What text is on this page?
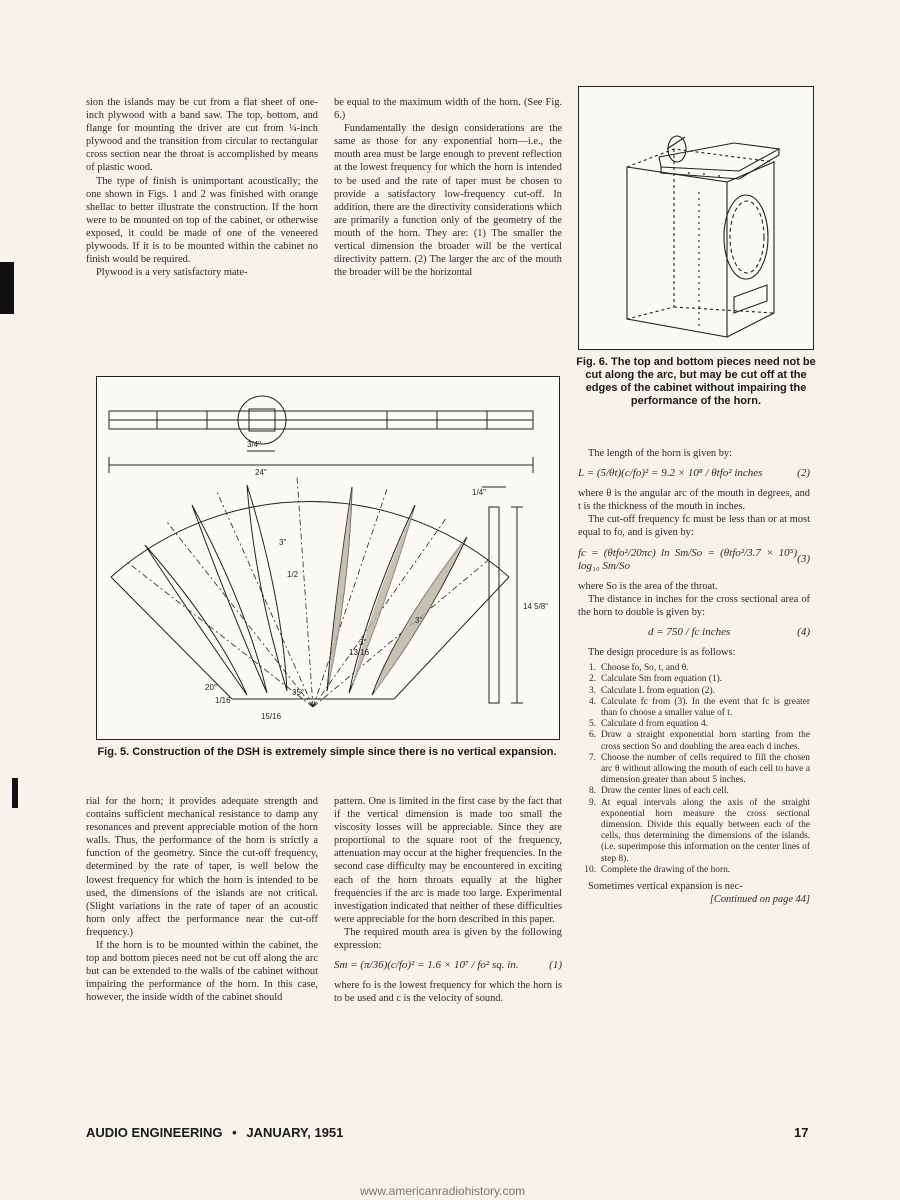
sion the islands may be cut from a flat sheet of one-inch plywood with a band saw. The top, bottom, and flange for mounting the driver are cut from ¼-inch plywood and the transition from circular to rectangular cross section near the throat is accomplished by means of plastic wood.

The type of finish is unimportant acoustically; the one shown in Figs. 1 and 2 was finished with orange shellac to better illustrate the construction. If the horn were to be mounted on top of the cabinet, or otherwise exposed, it could be made of one of the veneered plywoods. If it is to be mounted within the cabinet no finish would be required.

Plywood is a very satisfactory mate-

be equal to the maximum width of the horn. (See Fig. 6.)

Fundamentally the design considerations are the same as those for any exponential horn—i.e., the mouth area must be large enough to prevent reflection at the lowest frequency for which the horn is intended to be used and the rate of taper must be chosen to provide a satisfactory low-frequency cut-off. In addition, there are the directivity considerations which are primarily a function only of the geometry of the mouth of the horn. They are: (1) The smaller the vertical dimension the broader will be the vertical directivity pattern. (2) The larger the arc of the mouth the broader will be the horizontal

Fig. 6. The top and bottom pieces need not be cut along the arc, but may be cut off at the edges of the cabinet without impairing the performance of the horn.
3/4"
24"
14 5/8"
1/4"
20°
35°
3"
3"
3"
1/16
15/16
13/16
1/2
Fig. 5. Construction of the DSH is extremely simple since there is no vertical expansion.

rial for the horn; it provides adequate strength and contains sufficient mechanical resistance to damp any resonances and prevent appreciable motion of the horn walls. Thus, the performance of the horn is strictly a function of the geometry. Since the cut-off frequency, determined by the rate of taper, is well below the lowest frequency for which the horn is intended to be used, the dimensions of the islands are not critical. (Slight variations in the rate of taper of an acoustic horn only affect the performance near the cut-off frequency.)

If the horn is to be mounted within the cabinet, the top and bottom pieces need not be cut off along the arc but can be extended to the walls of the cabinet without impairing the performance of the horn. In this case, however, the inside width of the cabinet should

pattern. One is limited in the first case by the fact that if the vertical dimension is made too small the viscosity losses will be appreciable. Since they are proportional to the square root of the frequency, attenuation may occur at the higher frequencies. In the second case difficulty may be encountered in exciting each of the horn throats equally at the higher frequencies if the arc is made too large. Experimental investigation indicated that neither of these difficulties were appreciable for the horn described in this paper.

The required mouth area is given by the following expression:

Sm = (π/36)(c/fo)² = 1.6 × 10⁷ / fo² sq. in.	(1)

where fo is the lowest frequency for which the horn is to be used and c is the velocity of sound.

The length of the horn is given by:

L = (5/θt)(c/fo)² = 9.2 × 10⁸ / θtfo² inches	(2)

where θ is the angular arc of the mouth in degrees, and t is the thickness of the mouth in inches.

The cut-off frequency fc must be less than or at most equal to fo, and is given by:

fc = (θtfo²/20πc) ln Sm/So = (θtfo²/3.7 × 10⁵) log₁₀ Sm/So
(3)

where So is the area of the throat.

The distance in inches for the cross sectional area of the horn to double is given by:

d = 750 / fc inches	(4)

The design procedure is as follows:

1. Choose fo, So, t, and θ.
2. Calculate Sm from equation (1).
3. Calculate L from equation (2).
4. Calculate fc from (3). In the event that fc is greater than fo choose a smaller value of t.
5. Calculate d from equation 4.
6. Draw a straight exponential horn starting from the cross section So and doubling the area each d inches.
7. Choose the number of cells required to fill the chosen arc θ without allowing the mouth of each cell to have a dimension greater than about 5 inches.
8. Draw the center lines of each cell.
9. At equal intervals along the axis of the straight exponential horn measure the cross sectional dimension. Divide this equally between each of the cells, thus determining the dimensions of the islands. (i.e. superimpose this information on the center lines of step 8).
10. Complete the drawing of the horn.

Sometimes vertical expansion is nec-

[Continued on page 44]

AUDIO ENGINEERING • JANUARY, 1951	17
www.americanradiohistory.com
